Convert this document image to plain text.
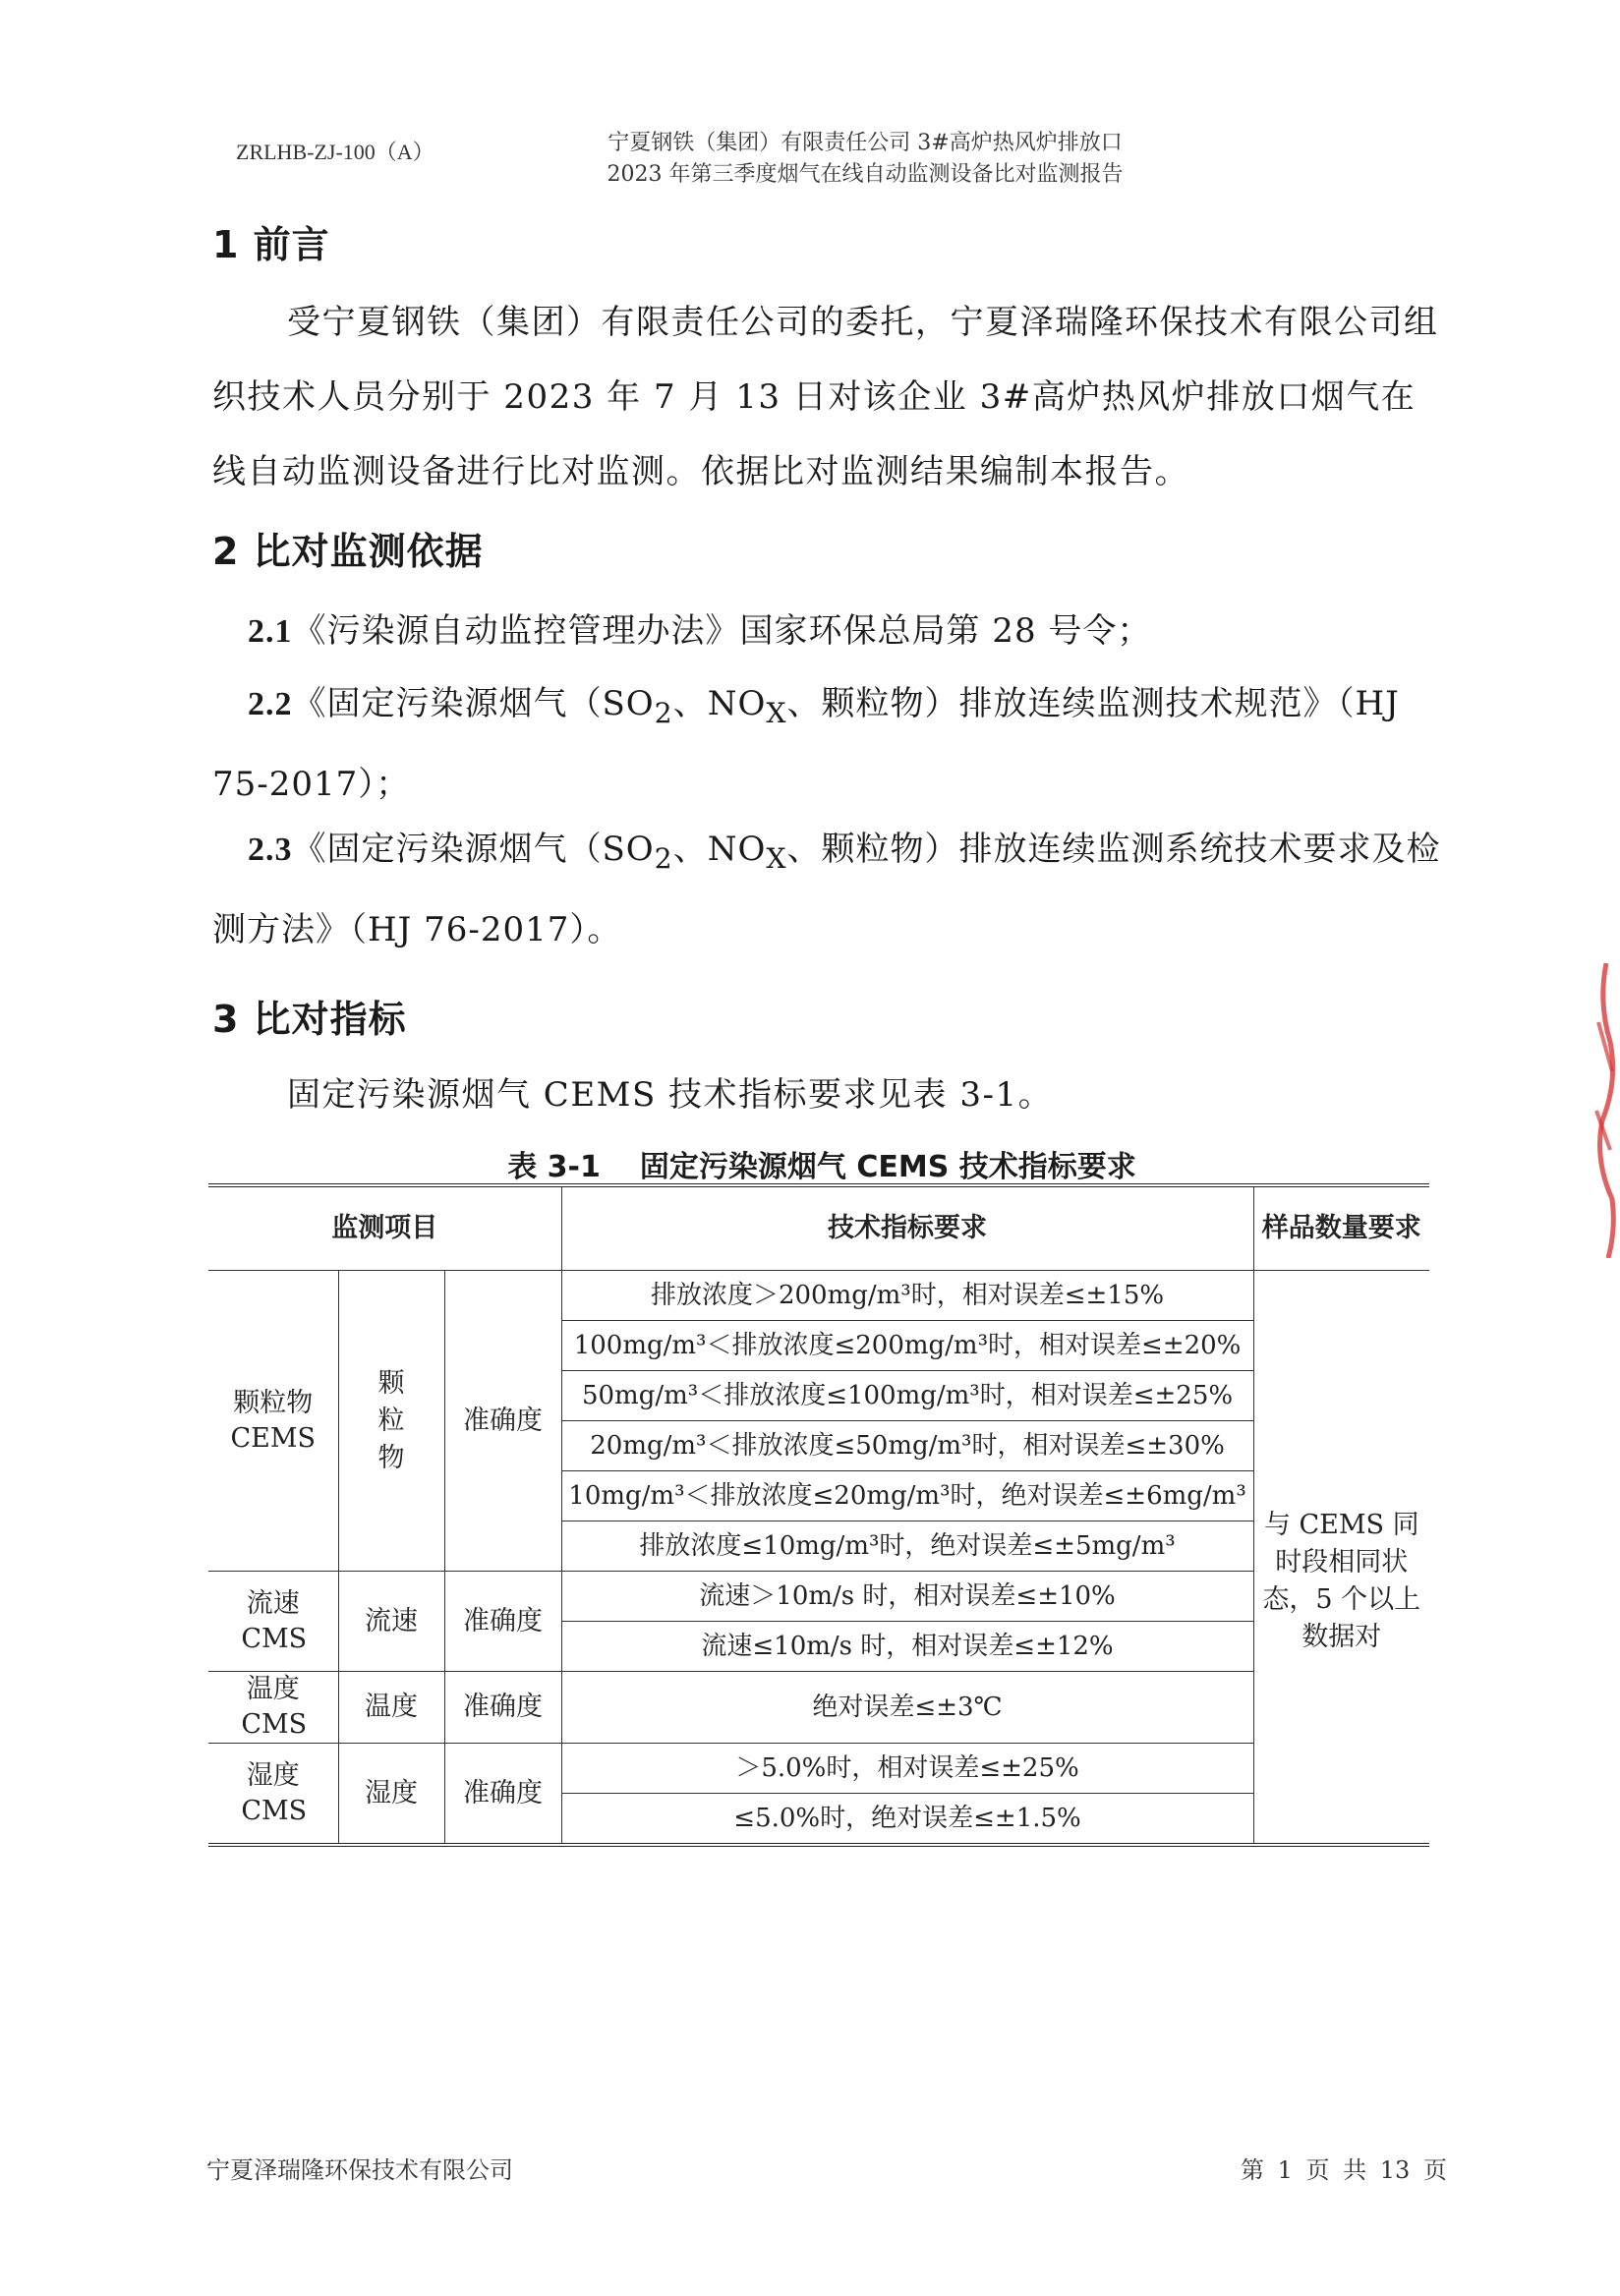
ZRLHB-ZJ-100（A）	宁夏钢铁（集团）有限责任公司 3#高炉热风炉排放口
2023 年第三季度烟气在线自动监测设备比对监测报告
1 前言
受宁夏钢铁（集团）有限责任公司的委托，宁夏泽瑞隆环保技术有限公司组织技术人员分别于 2023 年 7 月 13 日对该企业 3#高炉热风炉排放口烟气在线自动监测设备进行比对监测。依据比对监测结果编制本报告。
2 比对监测依据
2.1《污染源自动监控管理办法》国家环保总局第 28 号令；
2.2《固定污染源烟气（$SO_2$、$NO_X$、颗粒物）排放连续监测技术规范》（HJ 75-2017）；
2.3《固定污染源烟气（$SO_2$、$NO_X$、颗粒物）排放连续监测系统技术要求及检测方法》（HJ 76-2017）。
3 比对指标
固定污染源烟气 CEMS 技术指标要求见表 3-1。
表 3-1 固定污染源烟气 CEMS 技术指标要求
监测项目			技术指标要求	样品数量要求
颗粒物CEMS	颗粒物	准确度	排放浓度＞200mg/m³时，相对误差≤±15%	与 CEMS 同时段相同状态，5 个以上数据对
			100mg/m³＜排放浓度≤200mg/m³时，相对误差≤±20%	
			50mg/m³＜排放浓度≤100mg/m³时，相对误差≤±25%	
			20mg/m³＜排放浓度≤50mg/m³时，相对误差≤±30%	
			10mg/m³＜排放浓度≤20mg/m³时，绝对误差≤±6mg/m³	
			排放浓度≤10mg/m³时，绝对误差≤±5mg/m³	

流速CMS	流速	准确度	流速＞10m/s 时，相对误差≤±10%	
			流速≤10m/s 时，相对误差≤±12%	

温度CMS	温度	准确度	绝对误差≤±3℃	

湿度CMS	湿度	准确度	＞5.0%时，相对误差≤±25%	
			≤5.0%时，绝对误差≤±1.5%	
宁夏泽瑞隆环保技术有限公司	第 1 页 共 13 页
